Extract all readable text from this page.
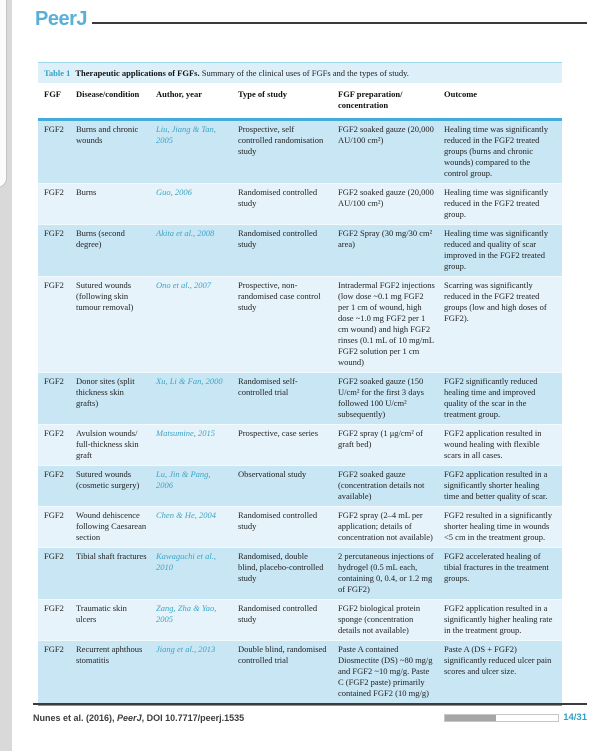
PeerJ
Table 1 Therapeutic applications of FGFs. Summary of the clinical uses of FGFs and the types of study.
FGF	Disease/condition	Author, year	Type of study	FGF preparation/ concentration	Outcome
FGF2	Burns and chronic wounds	Liu, Jiang & Tan, 2005	Prospective, self controlled randomisation study	FGF2 soaked gauze (20,000 AU/100 cm²)	Healing time was significantly reduced in the FGF2 treated groups (burns and chronic wounds) compared to the control group.
FGF2	Burns	Guo, 2006	Randomised controlled study	FGF2 soaked gauze (20,000 AU/100 cm²)	Healing time was significantly reduced in the FGF2 treated group.
FGF2	Burns (second degree)	Akita et al., 2008	Randomised controlled study	FGF2 Spray (30 mg/30 cm² area)	Healing time was significantly reduced and quality of scar improved in the FGF2 treated group.
FGF2	Sutured wounds (following skin tumour removal)	Ono et al., 2007	Prospective, non-randomised case control study	Intradermal FGF2 injections (low dose ~0.1 mg FGF2 per 1 cm of wound, high dose ~1.0 mg FGF2 per 1 cm wound) and high FGF2 rinses (0.1 mL of 10 mg/mL FGF2 solution per 1 cm wound)	Scarring was significantly reduced in the FGF2 treated groups (low and high doses of FGF2).
FGF2	Donor sites (split thickness skin grafts)	Xu, Li & Fan, 2000	Randomised self-controlled trial	FGF2 soaked gauze (150 U/cm² for the first 3 days followed 100 U/cm² subsequently)	FGF2 significantly reduced healing time and improved quality of the scar in the treatment group.
FGF2	Avulsion wounds/ full-thickness skin graft	Matsumine, 2015	Prospective, case series	FGF2 spray (1 μg/cm² of graft bed)	FGF2 application resulted in wound healing with flexible scars in all cases.
FGF2	Sutured wounds (cosmetic surgery)	Lu, Jin & Pang, 2006	Observational study	FGF2 soaked gauze (concentration details not available)	FGF2 application resulted in a significantly shorter healing time and better quality of scar.
FGF2	Wound dehiscence following Caesarean section	Chen & He, 2004	Randomised controlled study	FGF2 spray (2–4 mL per application; details of concentration not available)	FGF2 resulted in a significantly shorter healing time in wounds <5 cm in the treatment group.
FGF2	Tibial shaft fractures	Kawaguchi et al., 2010	Randomised, double blind, placebo-controlled study	2 percutaneous injections of hydrogel (0.5 mL each, containing 0, 0.4, or 1.2 mg of FGF2)	FGF2 accelerated healing of tibial fractures in the treatment groups.
FGF2	Traumatic skin ulcers	Zang, Zha & Yao, 2005	Randomised controlled study	FGF2 biological protein sponge (concentration details not available)	FGF2 application resulted in a significantly higher healing rate in the treatment group.
FGF2	Recurrent aphthous stomatitis	Jiang et al., 2013	Double blind, randomised controlled trial	Paste A contained Diosmectite (DS) ~80 mg/g and FGF2 ~10 mg/g. Paste C (FGF2 paste) primarily contained FGF2 (10 mg/g)	Paste A (DS + FGF2) significantly reduced ulcer pain scores and ulcer size.
Nunes et al. (2016), PeerJ, DOI 10.7717/peerj.1535	14/31
